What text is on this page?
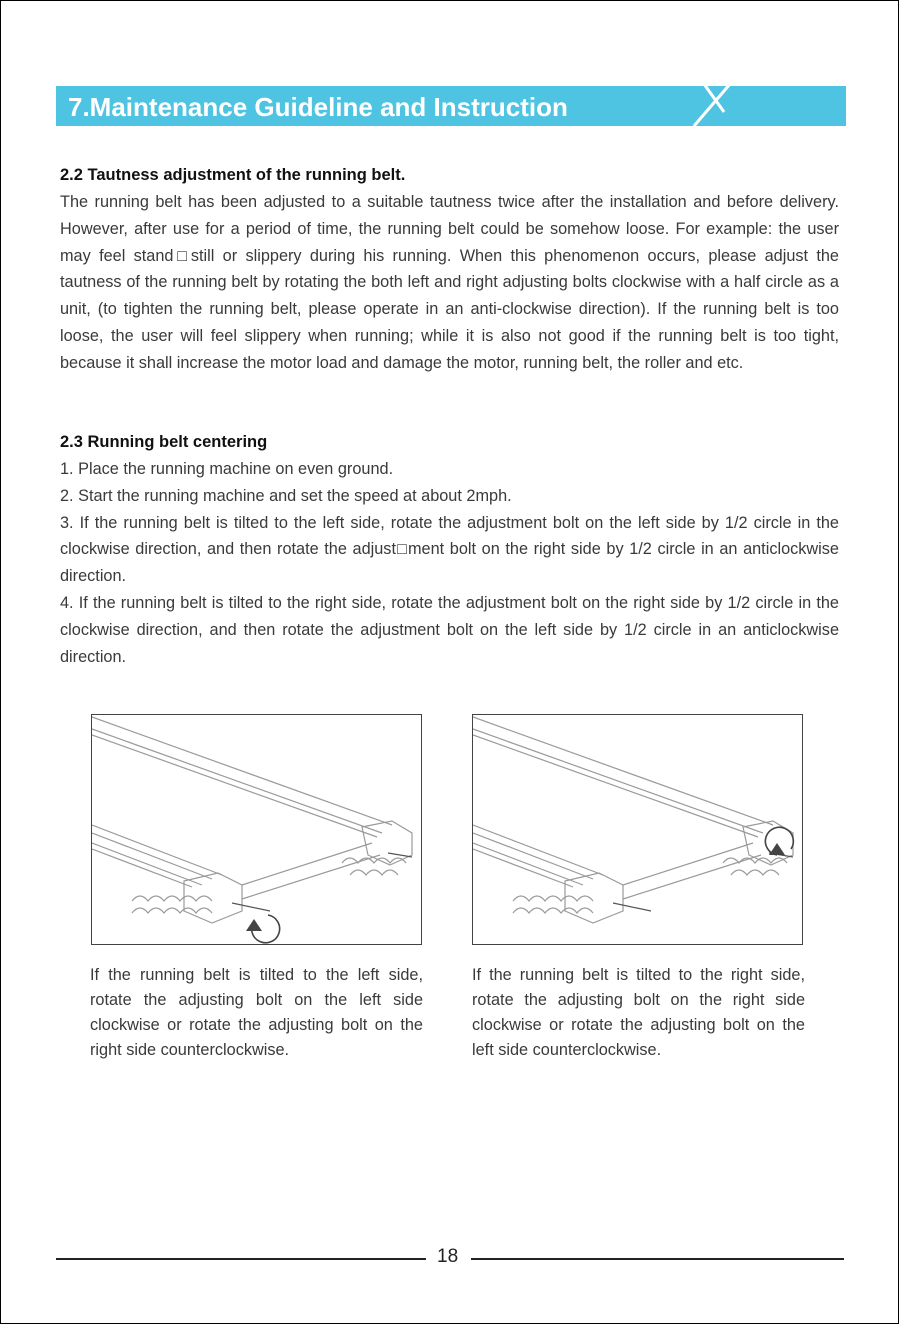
7.Maintenance Guideline and Instruction
2.2 Tautness adjustment of the running belt.
The running belt has been adjusted to a suitable tautness twice after the installation and before delivery. However, after use for a period of time, the running belt could be somehow loose. For example: the user may feel stand□still or slippery during his running. When this phenomenon occurs, please adjust the tautness of the running belt by rotating the both left and right adjusting bolts clockwise with a half circle as a unit, (to tighten the running belt, please operate in an anti-clockwise direction). If the running belt is too loose, the user will feel slippery when running; while it is also not good if the running belt is too tight, because it shall increase the motor load and damage the motor, running belt, the roller and etc.
2.3 Running belt centering

1. Place the running machine on even ground.

2. Start the running machine and set the speed at about 2mph.

3. If the running belt is tilted to the left side, rotate the adjustment bolt on the left side by 1/2 circle in the clockwise direction, and then rotate the adjust□ment bolt on the right side by 1/2 circle in an anticlockwise direction.

4. If the running belt is tilted to the right side, rotate the adjustment bolt on the right side by 1/2 circle in the clockwise direction, and then rotate the adjustment bolt on the left side by 1/2 circle in an anticlockwise direction.

If the running belt is tilted to the left side, rotate the adjusting bolt on the left side clockwise or rotate the adjusting bolt on the right side counterclockwise.
If the running belt is tilted to the right side, rotate the adjusting bolt on the right side clockwise or rotate the adjusting bolt on the left side counterclockwise.
18
